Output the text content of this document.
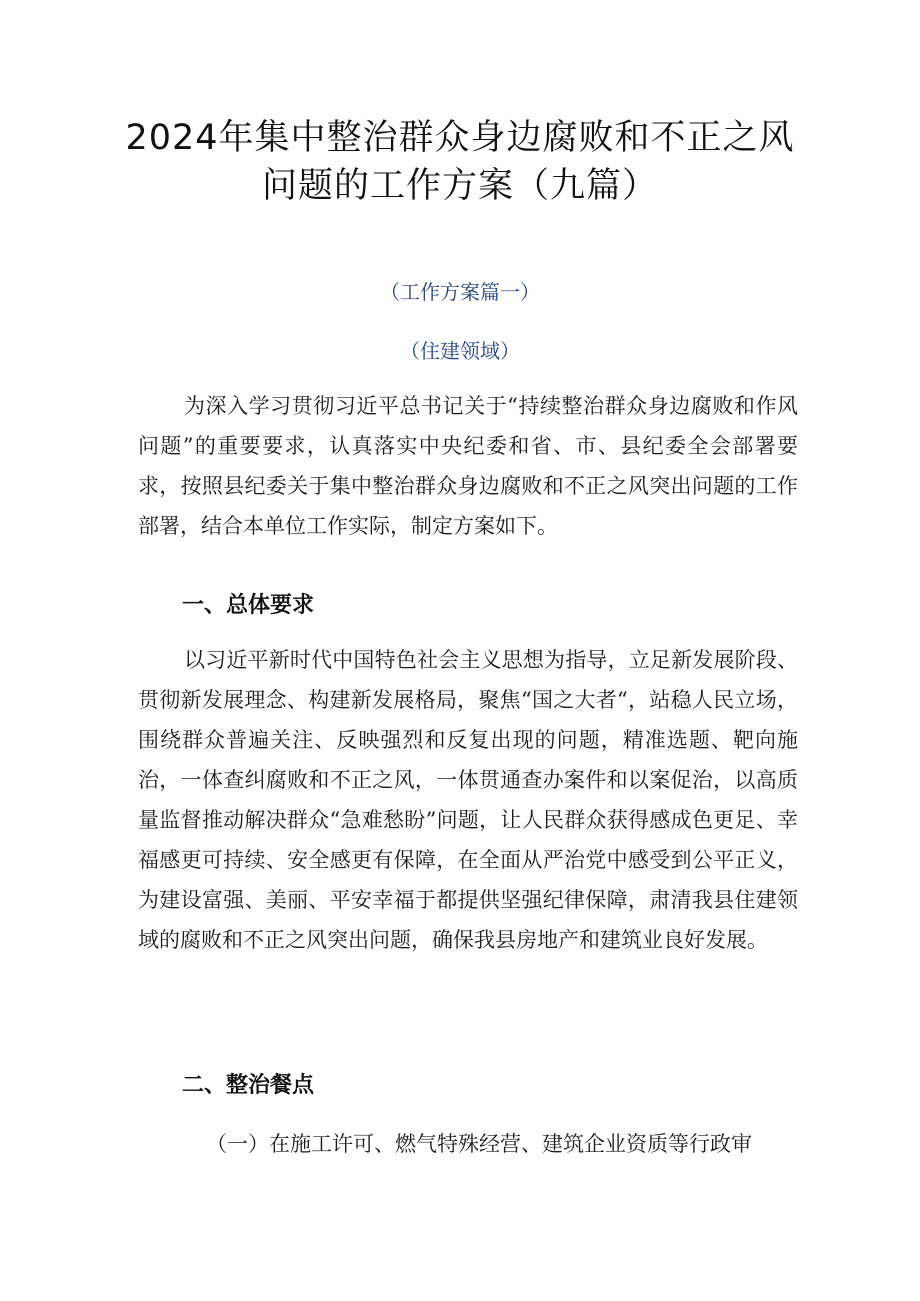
2024年集中整治群众身边腐败和不正之风
问题的工作方案（九篇）
（工作方案篇一）
（住建领域）
为深入学习贯彻习近平总书记关于“持续整治群众身边腐败和作风问题”的重要要求，认真落实中央纪委和省、市、县纪委全会部署要求，按照县纪委关于集中整治群众身边腐败和不正之风突出问题的工作部署，结合本单位工作实际，制定方案如下。
一、总体要求
以习近平新时代中国特色社会主义思想为指导，立足新发展阶段、贯彻新发展理念、构建新发展格局，聚焦“国之大者“，站稳人民立场，围绕群众普遍关注、反映强烈和反复出现的问题，精准选题、靶向施治，一体查纠腐败和不正之风，一体贯通查办案件和以案促治，以高质量监督推动解决群众“急难愁盼”问题，让人民群众获得感成色更足、幸福感更可持续、安全感更有保障，在全面从严治党中感受到公平正义，为建设富强、美丽、平安幸福于都提供坚强纪律保障，肃清我县住建领域的腐败和不正之风突出问题，确保我县房地产和建筑业良好发展。
二、整治餐点
（一）在施工许可、燃气特殊经营、建筑企业资质等行政审
